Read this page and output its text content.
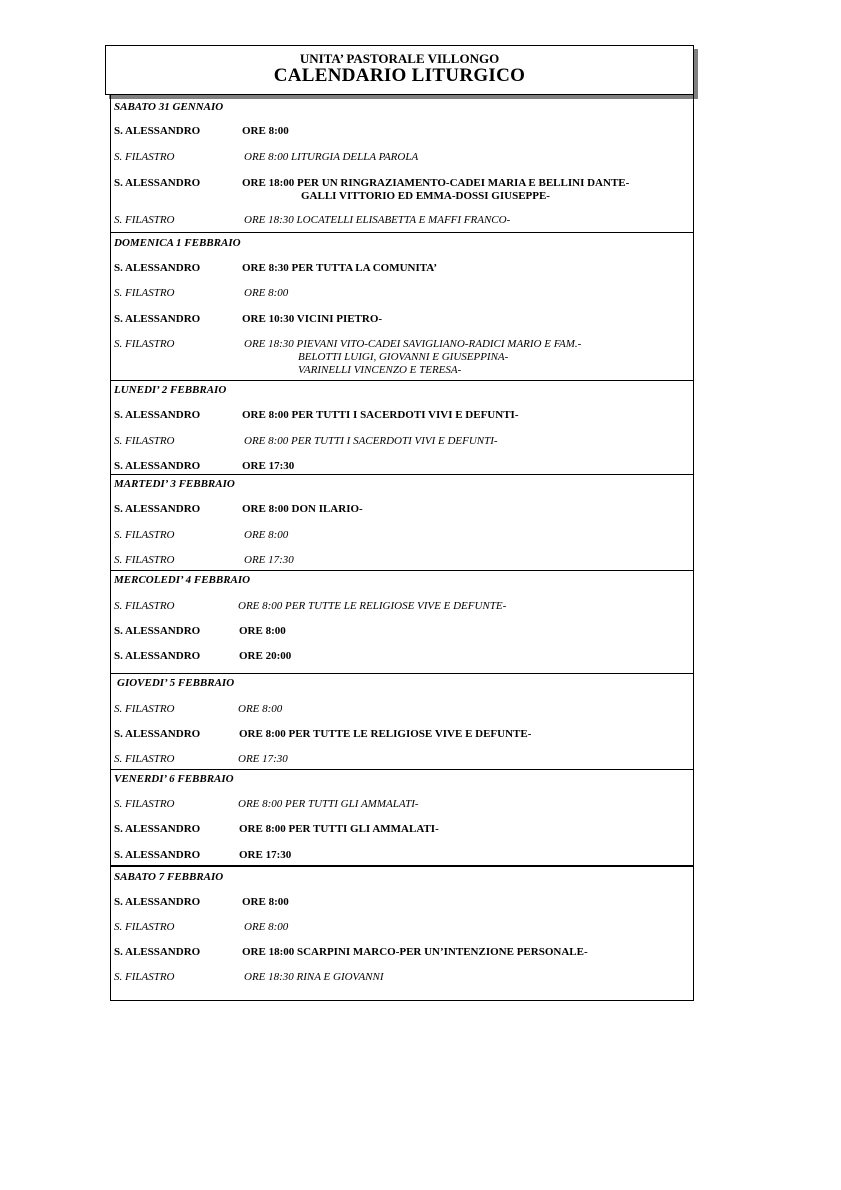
UNITA’ PASTORALE VILLONGO
CALENDARIO LITURGICO
SABATO 31 GENNAIO
S. ALESSANDRO	ORE 8:00
S. FILASTRO	ORE 8:00 LITURGIA DELLA PAROLA
S. ALESSANDRO	ORE 18:00 PER UN RINGRAZIAMENTO-CADEI MARIA E BELLINI DANTE-
GALLI VITTORIO ED EMMA-DOSSI GIUSEPPE-
S. FILASTRO	ORE 18:30 LOCATELLI ELISABETTA E MAFFI FRANCO-
DOMENICA 1 FEBBRAIO
S. ALESSANDRO	ORE 8:30 PER TUTTA LA COMUNITA’
S. FILASTRO	ORE 8:00
S. ALESSANDRO	ORE 10:30 VICINI PIETRO-
S. FILASTRO	ORE 18:30 PIEVANI VITO-CADEI SAVIGLIANO-RADICI MARIO E FAM.-
BELOTTI LUIGI, GIOVANNI E GIUSEPPINA-
VARINELLI VINCENZO E TERESA-
LUNEDI’ 2 FEBBRAIO
S. ALESSANDRO	ORE 8:00 PER TUTTI I SACERDOTI VIVI E DEFUNTI-
S. FILASTRO	ORE 8:00 PER TUTTI I SACERDOTI VIVI E DEFUNTI-
S. ALESSANDRO	ORE 17:30
MARTEDI’ 3 FEBBRAIO
S. ALESSANDRO	ORE 8:00 DON ILARIO-
S. FILASTRO	ORE 8:00
S. FILASTRO	ORE 17:30
MERCOLEDI’ 4 FEBBRAIO
S. FILASTRO	ORE 8:00 PER TUTTE LE RELIGIOSE VIVE E DEFUNTE-
S. ALESSANDRO	ORE 8:00
S. ALESSANDRO	ORE 20:00
GIOVEDI’ 5 FEBBRAIO
S. FILASTRO	ORE 8:00
S. ALESSANDRO	ORE 8:00 PER TUTTE LE RELIGIOSE VIVE E DEFUNTE-
S. FILASTRO	ORE 17:30
VENERDI’ 6 FEBBRAIO
S. FILASTRO	ORE 8:00 PER TUTTI GLI AMMALATI-
S. ALESSANDRO	ORE 8:00 PER TUTTI GLI AMMALATI-
S. ALESSANDRO	ORE 17:30
SABATO 7 FEBBRAIO
S. ALESSANDRO	ORE 8:00
S. FILASTRO	ORE 8:00
S. ALESSANDRO	ORE 18:00 SCARPINI MARCO-PER UN’INTENZIONE PERSONALE-
S. FILASTRO	ORE 18:30 RINA E GIOVANNI
